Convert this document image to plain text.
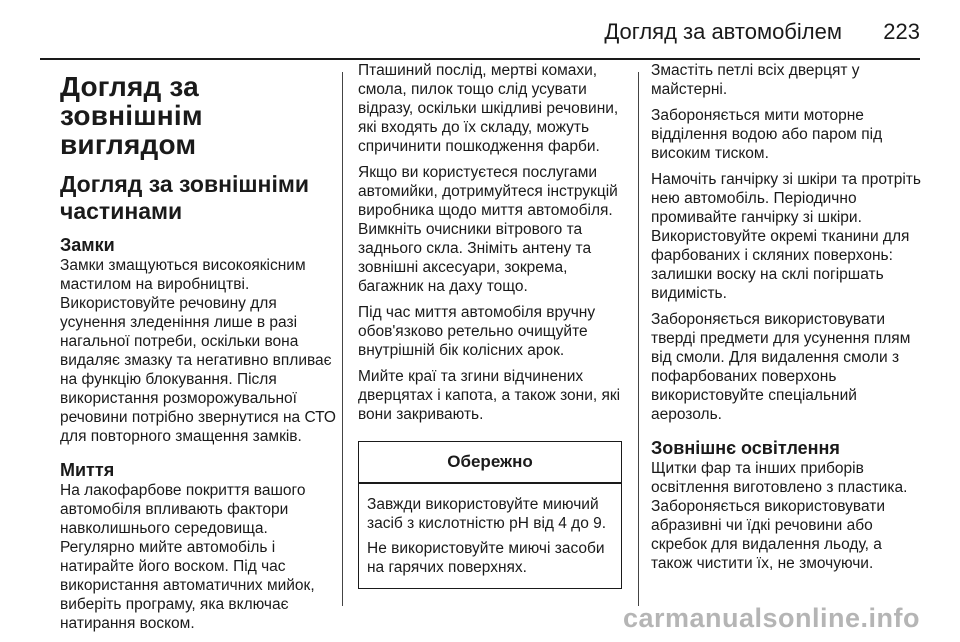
Догляд за автомобілем 223
Догляд за зовнішнім виглядом
Догляд за зовнішніми частинами
Замки

Замки змащуються високоякісним мастилом на виробництві. Використовуйте речовину для усунення зледеніння лише в разі нагальної потреби, оскільки вона видаляє змазку та негативно впливає на функцію блокування. Після використання розморожувальної речовини потрібно звернутися на СТО для повторного змащення замків.

Миття

На лакофарбове покриття вашого автомобіля впливають фактори навколишнього середовища. Регулярно мийте автомобіль і натирайте його воском. Під час використання автоматичних мийок, виберіть програму, яка включає натирання воском.

Пташиний послід, мертві комахи, смола, пилок тощо слід усувати відразу, оскільки шкідливі речовини, які входять до їх складу, можуть спричинити пошкодження фарби.

Якщо ви користуєтеся послугами автомийки, дотримуйтеся інструкцій виробника щодо миття автомобіля. Вимкніть очисники вітрового та заднього скла. Зніміть антену та зовнішні аксесуари, зокрема, багажник на даху тощо.

Під час миття автомобіля вручну обов'язково ретельно очищуйте внутрішній бік колісних арок.

Мийте краї та згини відчинених дверцятах і капота, а також зони, які вони закривають.

Обережно

Завжди використовуйте миючий засіб з кислотністю pH від 4 до 9.

Не використовуйте миючі засоби на гарячих поверхнях.

Змастіть петлі всіх дверцят у майстерні.

Забороняється мити моторне відділення водою або паром під високим тиском.

Намочіть ганчірку зі шкіри та протріть нею автомобіль. Періодично промивайте ганчірку зі шкіри. Використовуйте окремі тканини для фарбованих і скляних поверхонь: залишки воску на склі погіршать видимість.

Забороняється використовувати тверді предмети для усунення плям від смоли. Для видалення смоли з пофарбованих поверхонь використовуйте спеціальний аерозоль.

Зовнішнє освітлення

Щитки фар та інших приборів освітлення виготовлено з пластика. Забороняється використовувати абразивні чи їдкі речовини або скребок для видалення льоду, а також чистити їх, не змочуючи.

carmanualsonline.info
